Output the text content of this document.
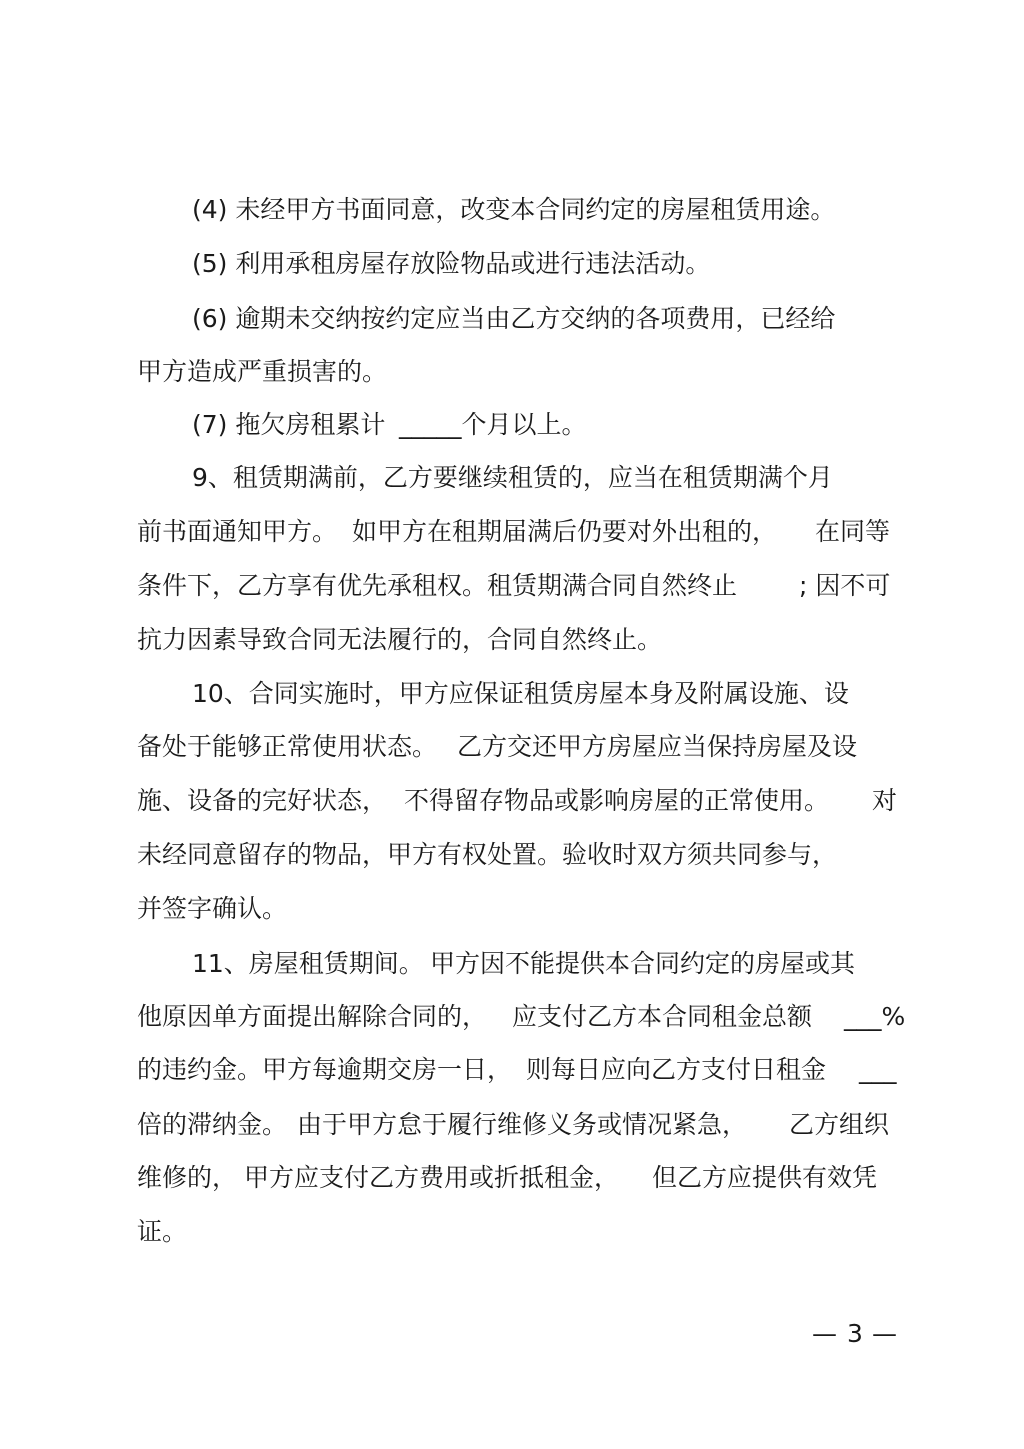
(4) 未经甲方书面同意，改变本合同约定的房屋租赁用途。

(5) 利用承租房屋存放险物品或进行违法活动。

(6) 逾期未交纳按约定应当由乙方交纳的各项费用，已经给

甲方造成严重损害的。

(7) 拖欠房租累计

_____个月以上。

9、租赁期满前，乙方要继续租赁的，应当在租赁期满个月

前书面通知甲方。

如甲方在租期届满后仍要对外出租的，

在同等

条件下，乙方享有优先承租权。租赁期满合同自然终止

; 因不可

抗力因素导致合同无法履行的，合同自然终止。

10、合同实施时，甲方应保证租赁房屋本身及附属设施、设

备处于能够正常使用状态。

乙方交还甲方房屋应当保持房屋及设

施、设备的完好状态，

不得留存物品或影响房屋的正常使用。

对

未经同意留存的物品，甲方有权处置。验收时双方须共同参与，

并签字确认。

11、房屋租赁期间。

甲方因不能提供本合同约定的房屋或其

他原因单方面提出解除合同的，

应支付乙方本合同租金总额

___%

的违约金。甲方每逾期交房一日，

则每日应向乙方支付日租金

___

倍的滞纳金。

由于甲方怠于履行维修义务或情况紧急，

乙方组织

维修的，

甲方应支付乙方费用或折抵租金，

但乙方应提供有效凭

证。

— 3 —
